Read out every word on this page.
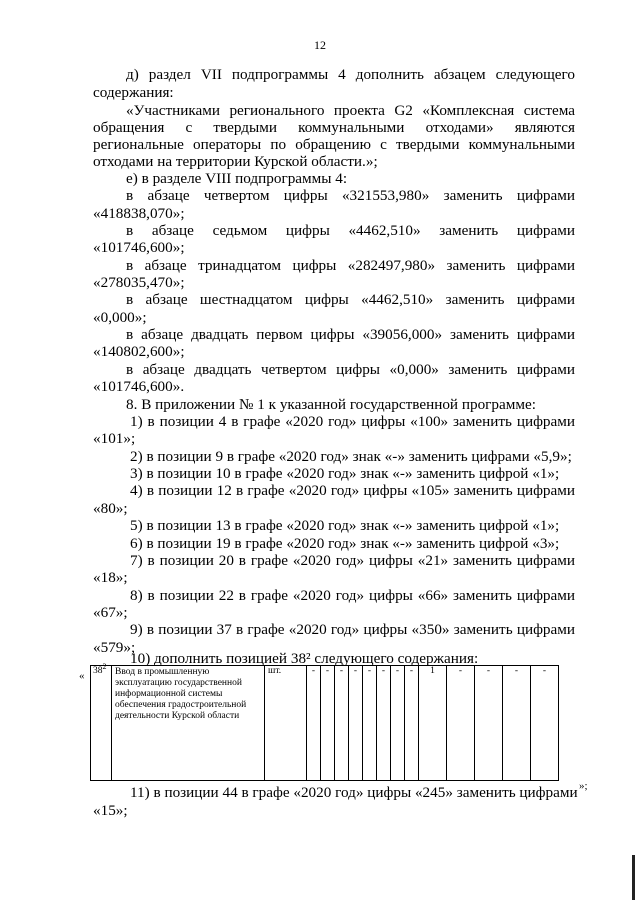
12
д) раздел VII подпрограммы 4 дополнить абзацем следующего
содержания:
«Участниками регионального проекта G2 «Комплексная система
обращения с твердыми коммунальными отходами» являются
региональные операторы по обращению с твердыми коммунальными
отходами на территории Курской области.»;
е) в разделе VIII подпрограммы 4:
в абзаце четвертом цифры «321553,980» заменить цифрами
«418838,070»;
в абзаце седьмом цифры «4462,510» заменить цифрами
«101746,600»;
в абзаце тринадцатом цифры «282497,980» заменить цифрами
«278035,470»;
в абзаце шестнадцатом цифры «4462,510» заменить цифрами
«0,000»;
в абзаце двадцать первом цифры «39056,000» заменить цифрами
«140802,600»;
в абзаце двадцать четвертом цифры «0,000» заменить цифрами
«101746,600».
8. В приложении № 1 к указанной государственной программе:
1) в позиции 4 в графе «2020 год» цифры «100» заменить цифрами
«101»;
2) в позиции 9 в графе «2020 год» знак «-» заменить цифрами «5,9»;
3) в позиции 10 в графе «2020 год» знак «-» заменить цифрой «1»;
4) в позиции 12 в графе «2020 год» цифры «105» заменить цифрами
«80»;
5) в позиции 13 в графе «2020 год» знак «-» заменить цифрой «1»;
6) в позиции 19 в графе «2020 год» знак «-» заменить цифрой «3»;
7) в позиции 20 в графе «2020 год» цифры «21» заменить цифрами
«18»;
8) в позиции 22 в графе «2020 год» цифры «66» заменить цифрами
«67»;
9) в позиции 37 в графе «2020 год» цифры «350» заменить цифрами
«579»;
10) дополнить позицией 38² следующего содержания:
11) в позиции 44 в графе «2020 год» цифры «245» заменить цифрами
«15»;
« $38^2$	Ввод в промышленную эксплуатацию государственной информационной системы обеспечения градостроительной деятельности Курской области	шт.	-	-	-	-	-	-	-	-	1	-	-	-	-
»;
